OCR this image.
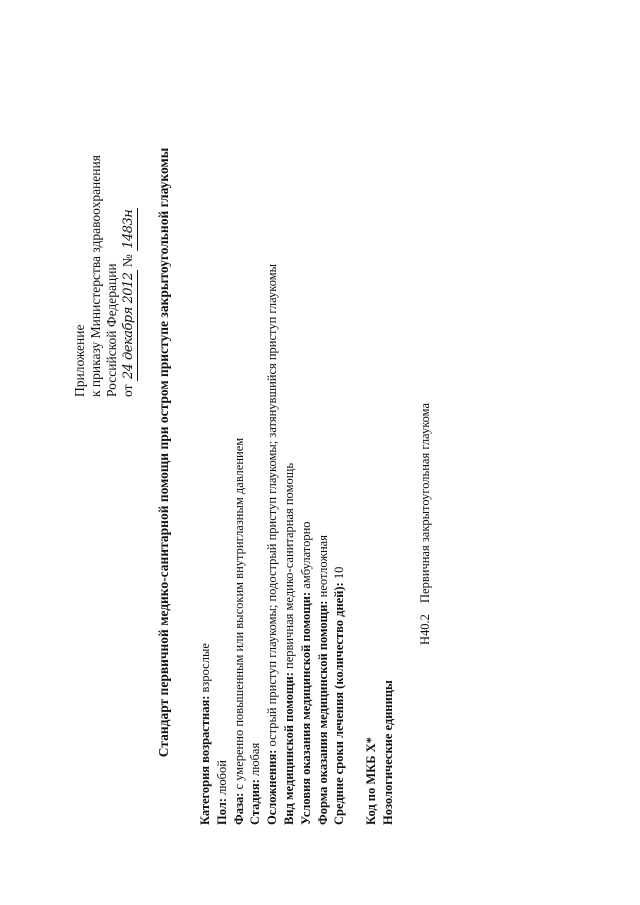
Приложение к приказу Министерства здравоохранения Российской Федерации от 24 декабря 2012 № 1483н Стандарт первичной медико-санитарной помощи при остром приступе закрытоугольной глаукомы
Категория возрастная: взрослые
Пол: любой
Фаза: с умеренно повышенным или высоким внутриглазным давлением
Стадия: любая Осложнения: острый приступ глаукомы; подострый приступ глаукомы; затянувшийся приступ глаукомы Вид медицинской помощи: первичная медико-санитарная помощь
Условия оказания медицинской помощи: амбулаторно
Форма оказания медицинской помощи: неотложная
Средние сроки лечения (количество дней): 10
Код по МКБ X* Нозологические единицы
H40.2 Первичная закрытоугольная глаукома
